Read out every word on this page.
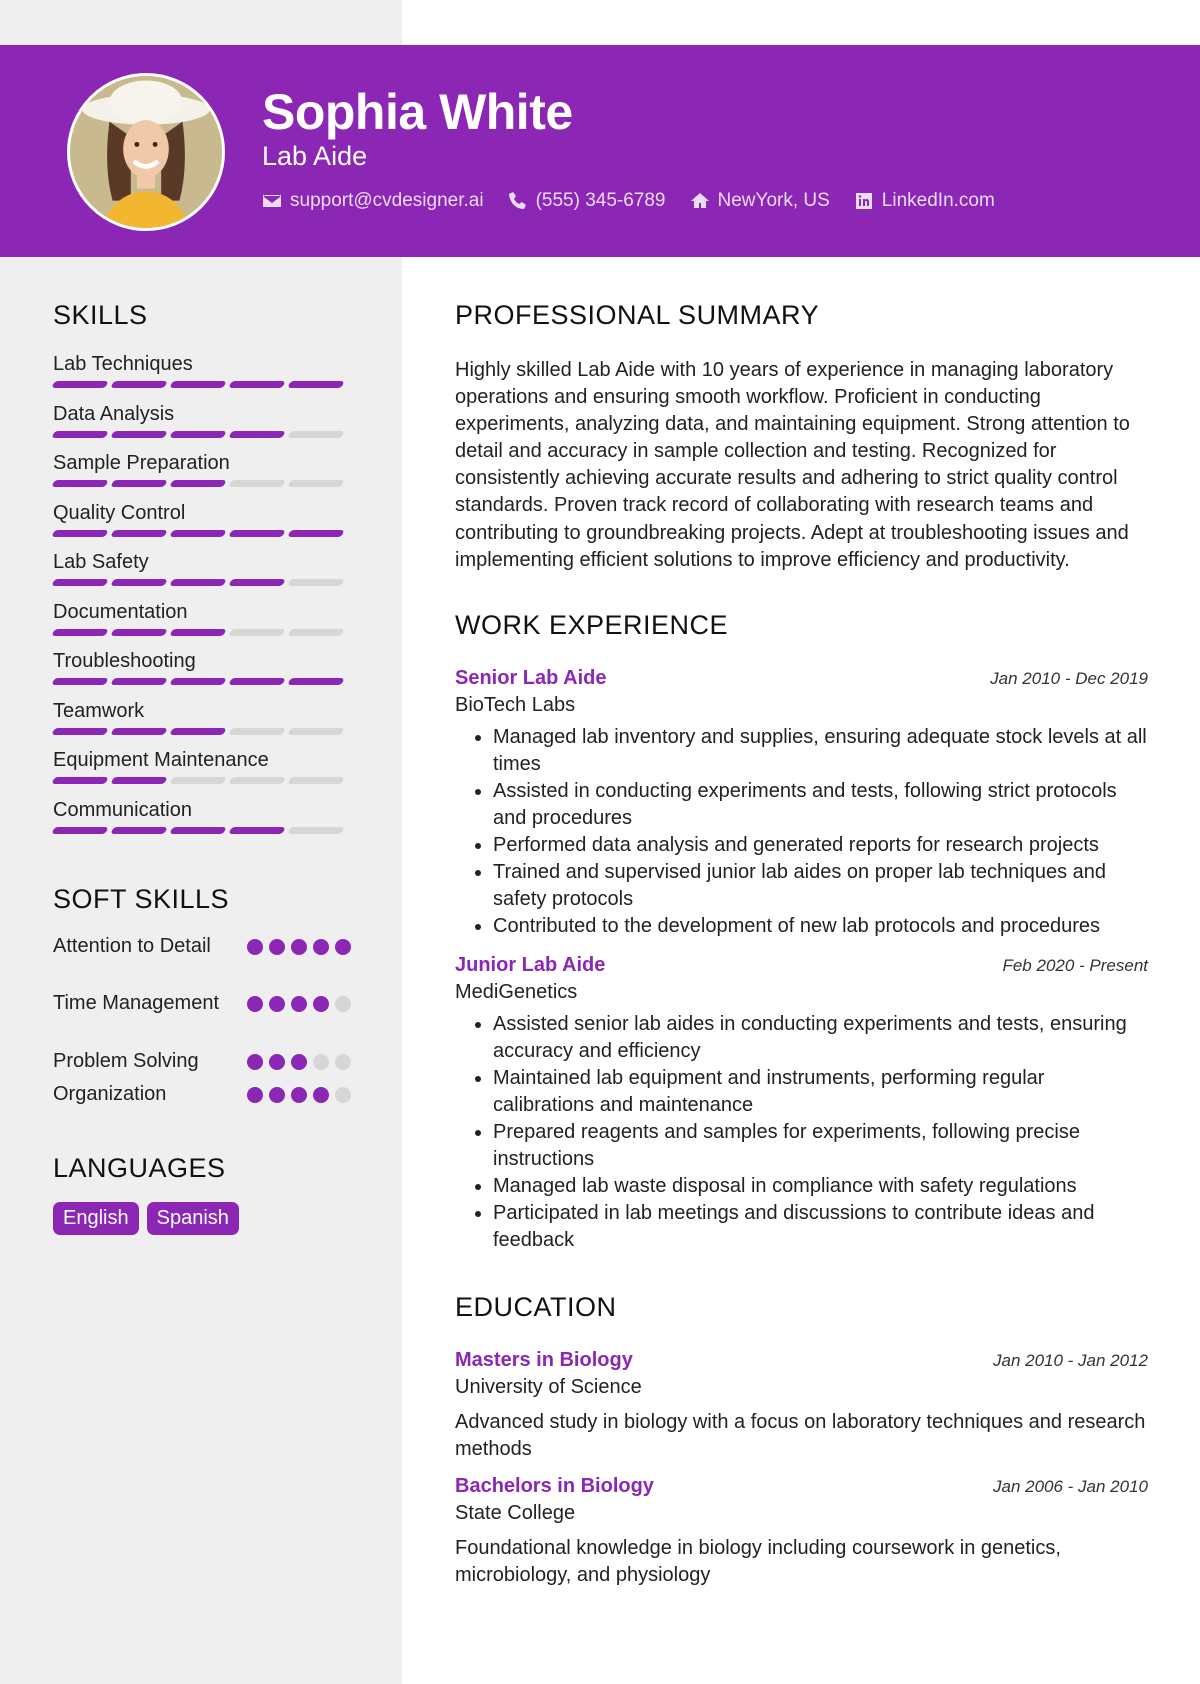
Sophia White
Lab Aide
support@cvdesigner.ai	(555) 345-6789	NewYork, US	LinkedIn.com
SKILLS
Lab Techniques
Data Analysis
Sample Preparation
Quality Control
Lab Safety
Documentation
Troubleshooting
Teamwork
Equipment Maintenance
Communication
SOFT SKILLS
Attention to Detail
Time Management
Problem Solving
Organization
LANGUAGES
English	Spanish
PROFESSIONAL SUMMARY

Highly skilled Lab Aide with 10 years of experience in managing laboratory operations and ensuring smooth workflow. Proficient in conducting experiments, analyzing data, and maintaining equipment. Strong attention to detail and accuracy in sample collection and testing. Recognized for consistently achieving accurate results and adhering to strict quality control standards. Proven track record of collaborating with research teams and contributing to groundbreaking projects. Adept at troubleshooting issues and implementing efficient solutions to improve efficiency and productivity.

WORK EXPERIENCE
Senior Lab Aide	Jan 2010 - Dec 2019
BioTech Labs
• Managed lab inventory and supplies, ensuring adequate stock levels at all times
• Assisted in conducting experiments and tests, following strict protocols and procedures
• Performed data analysis and generated reports for research projects
• Trained and supervised junior lab aides on proper lab techniques and safety protocols
• Contributed to the development of new lab protocols and procedures
Junior Lab Aide	Feb 2020 - Present
MediGenetics
• Assisted senior lab aides in conducting experiments and tests, ensuring accuracy and efficiency
• Maintained lab equipment and instruments, performing regular calibrations and maintenance
• Prepared reagents and samples for experiments, following precise instructions
• Managed lab waste disposal in compliance with safety regulations
• Participated in lab meetings and discussions to contribute ideas and feedback
EDUCATION
Masters in Biology	Jan 2010 - Jan 2012
University of Science
Advanced study in biology with a focus on laboratory techniques and research methods
Bachelors in Biology	Jan 2006 - Jan 2010
State College
Foundational knowledge in biology including coursework in genetics, microbiology, and physiology
